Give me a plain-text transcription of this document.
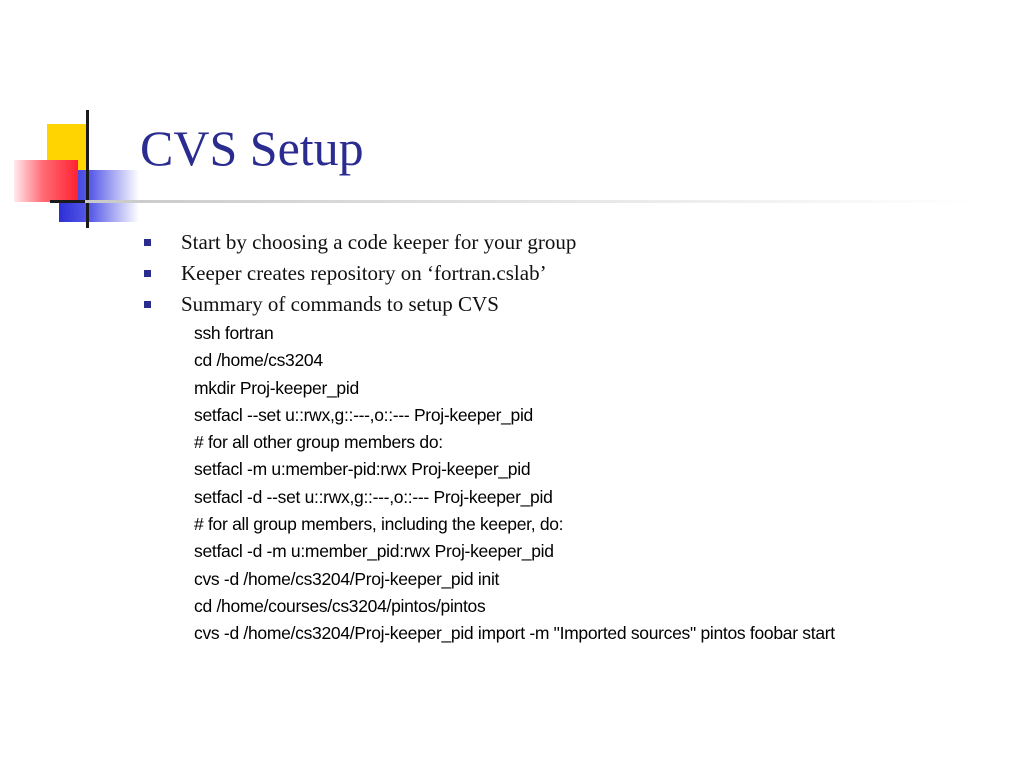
CVS Setup
Start by choosing a code keeper for your group
Keeper creates repository on ‘fortran.cslab’
Summary of commands to setup CVS
ssh fortran
cd /home/cs3204
mkdir Proj-keeper_pid
setfacl --set u::rwx,g::---,o::--- Proj-keeper_pid
# for all other group members do:
setfacl -m u:member-pid:rwx Proj-keeper_pid
setfacl -d --set u::rwx,g::---,o::--- Proj-keeper_pid
# for all group members, including the keeper, do:
setfacl -d -m u:member_pid:rwx Proj-keeper_pid
cvs -d /home/cs3204/Proj-keeper_pid init
cd /home/courses/cs3204/pintos/pintos
cvs -d /home/cs3204/Proj-keeper_pid import -m "Imported sources" pintos foobar start
